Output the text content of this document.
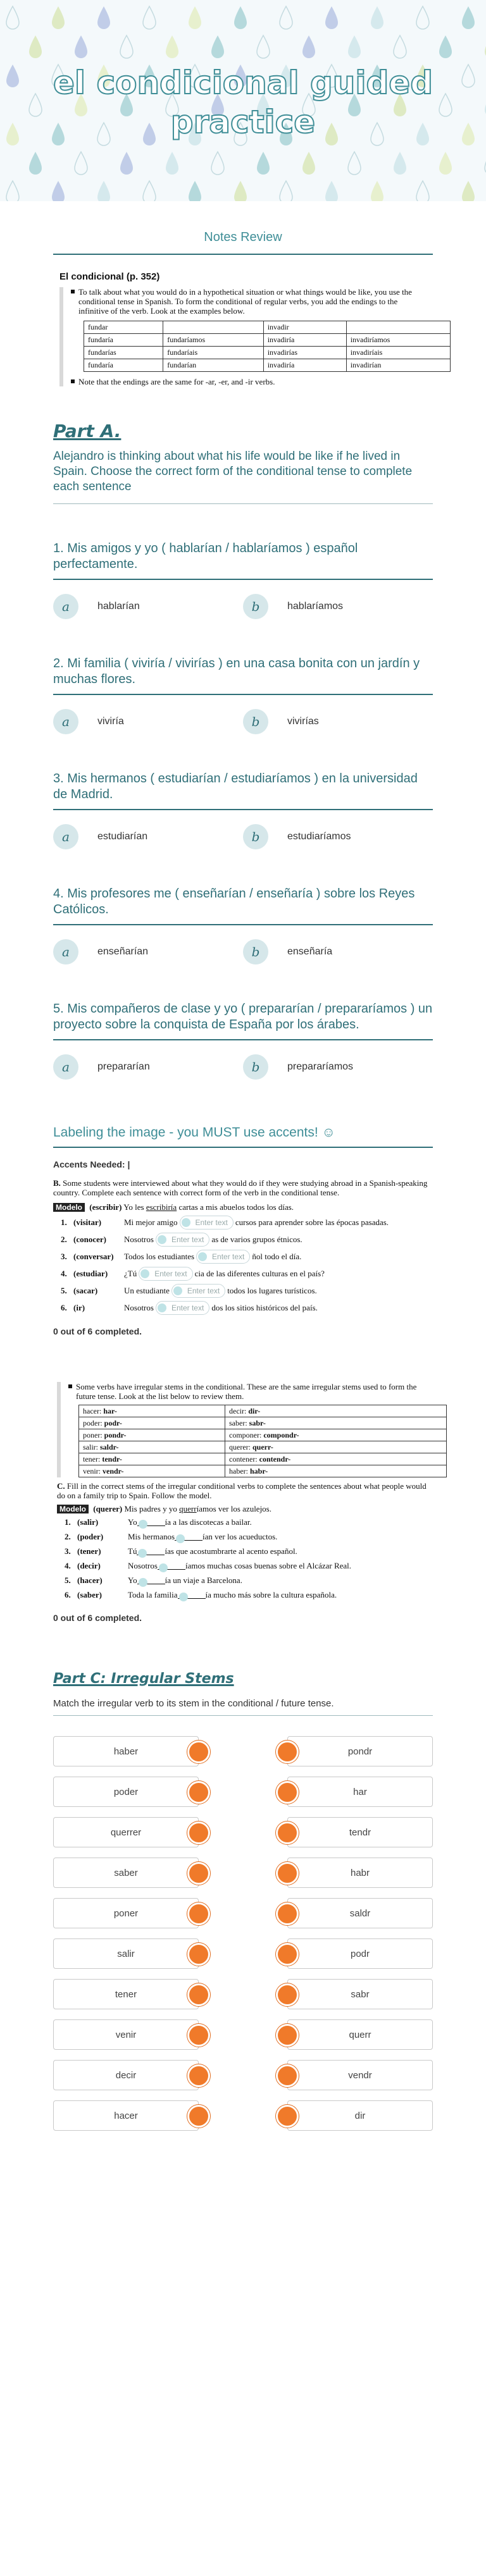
el condicional guided practice
Notes Review
El condicional (p. 352)
To talk about what you would do in a hypothetical situation or what things would be like, you use the conditional tense in Spanish. To form the conditional of regular verbs, you add the endings to the infinitive of the verb. Look at the examples below.
fundar		invadir	
fundaría	fundaríamos	invadiría	invadiríamos
fundarías	fundaríais	invadirías	invadiríais
fundaría	fundarían	invadiría	invadirían
Note that the endings are the same for -ar, -er, and -ir verbs.
Part A.
Alejandro is thinking about what his life would be like if he lived in Spain. Choose the correct form of the conditional tense to complete each sentence
1. Mis amigos y yo ( hablarían / hablaríamos ) español perfectamente.
a	hablarían	b	hablaríamos
2. Mi familia ( viviría / vivirías ) en una casa bonita con un jardín y muchas flores.
a	viviría	b	vivirías
3. Mis hermanos ( estudiarían / estudiaríamos ) en la universidad de Madrid.
a	estudiarían	b	estudiaríamos
4. Mis profesores me ( enseñarían / enseñaría ) sobre los Reyes Católicos.
a	enseñarían	b	enseñaría
5. Mis compañeros de clase y yo ( prepararían / prepararíamos ) un proyecto sobre la conquista de España por los árabes.
a	prepararían	b	prepararíamos
Labeling the image - you MUST use accents! ☺
Accents Needed: |
B. Some students were interviewed about what they would do if they were studying abroad in a Spanish-speaking country. Complete each sentence with correct form of the verb in the conditional tense.
Modelo (escribir) Yo les escribiría cartas a mis abuelos todos los días.
1. (visitar)	Mi mejor amigo Enter text cursos para aprender sobre las épocas pasadas.
2. (conocer)	Nosotros Enter text as de varios grupos étnicos.
3. (conversar)	Todos los estudiantes Enter text ñol todo el día.
4. (estudiar)	¿Tú Enter text cia de las diferentes culturas en el país?
5. (sacar)	Un estudiante Enter text todos los lugares turísticos.
6. (ir)	Nosotros Enter text dos los sitios históricos del país.
0 out of 6 completed.
Some verbs have irregular stems in the conditional. These are the same irregular stems used to form the future tense. Look at the list below to review them.
hacer: har-	decir: dir-
poder: podr-	saber: sabr-
poner: pondr-	componer: compondr-
salir: saldr-	querer: querr-
tener: tendr-	contener: contendr-
venir: vendr-	haber: habr-
C. Fill in the correct stems of the irregular conditional verbs to complete the sentences about what people would do on a family trip to Spain. Follow the model.
Modelo (querer) Mis padres y yo querríamos ver los azulejos.
1. (salir)	Yo	ía a las discotecas a bailar.
2. (poder)	Mis hermanos	ían ver los acueductos.
3. (tener)	Tú	ías que acostumbrarte al acento español.
4. (decir)	Nosotros	íamos muchas cosas buenas sobre el Alcázar Real.
5. (hacer)	Yo	ía un viaje a Barcelona.
6. (saber)	Toda la familia	ía mucho más sobre la cultura española.
0 out of 6 completed.
Part C: Irregular Stems
Match the irregular verb to its stem in the conditional / future tense.
haber	pondr
poder	har
querrer	tendr
saber	habr
poner	saldr
salir	podr
tener	sabr
venir	querr
decir	vendr
hacer	dir
